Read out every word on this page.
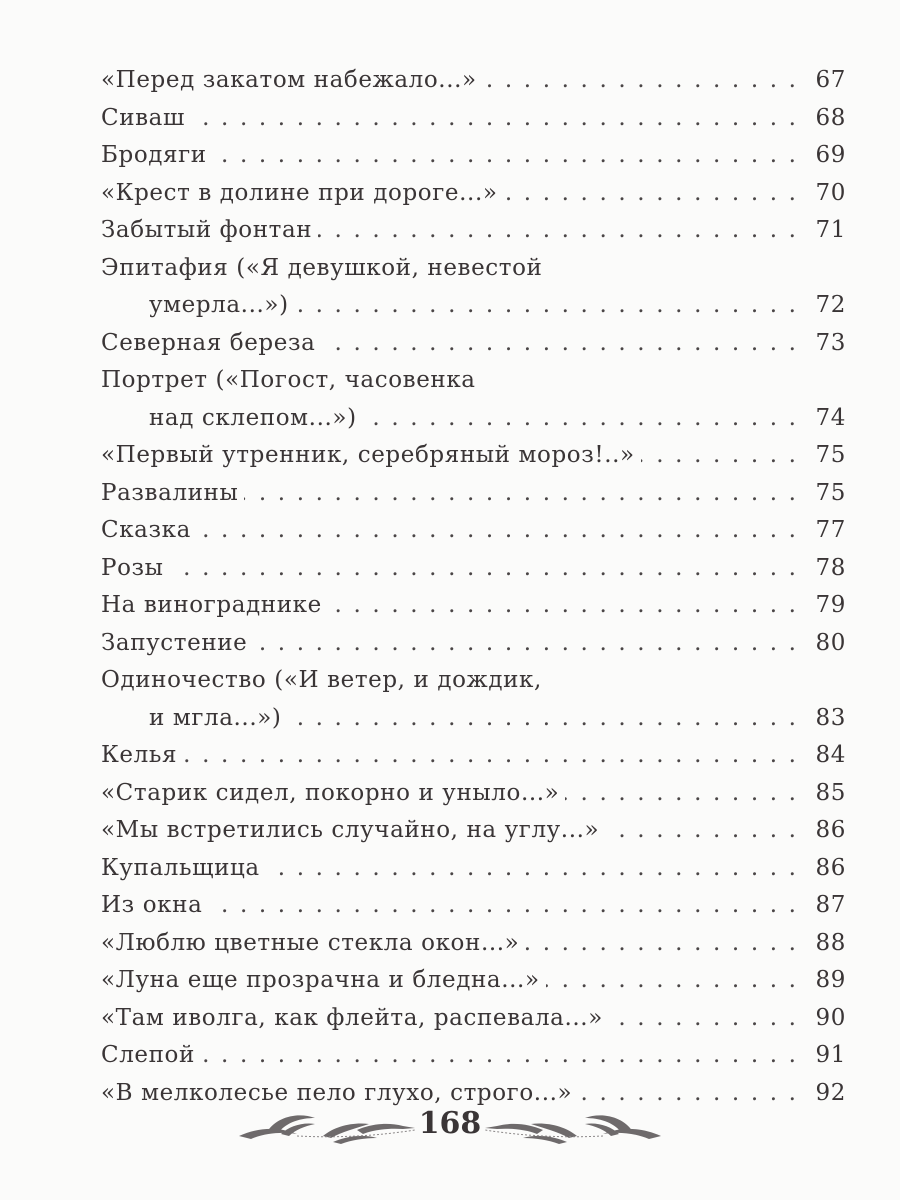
«Перед закатом набежало...» . . .	67
Сиваш . . .	68
Бродяги . . .	69
«Крест в долине при дороге...» . . .	70
Забытый фонтан . . .	71
Эпитафия («Я девушкой, невестой
умерла...») . . .	72
Северная береза . . .	73
Портрет («Погост, часовенка
над склепом...») . . .	74
«Первый утренник, серебряный мороз!..» . . .	75
Развалины . . .	75
Сказка . . .	77
Розы . . .	78
На винограднике . . .	79
Запустение . . .	80
Одиночество («И ветер, и дождик,
и мгла...») . . .	83
Келья . . .	84
«Старик сидел, покорно и уныло...» . . .	85
«Мы встретились случайно, на углу...» . . .	86
Купальщица . . .	86
Из окна . . .	87
«Люблю цветные стекла окон...» . . .	88
«Луна еще прозрачна и бледна...» . . .	89
«Там иволга, как флейта, распевала...» . . .	90
Слепой . . .	91
«В мелколесье пело глухо, строго...» . . .	92
168
